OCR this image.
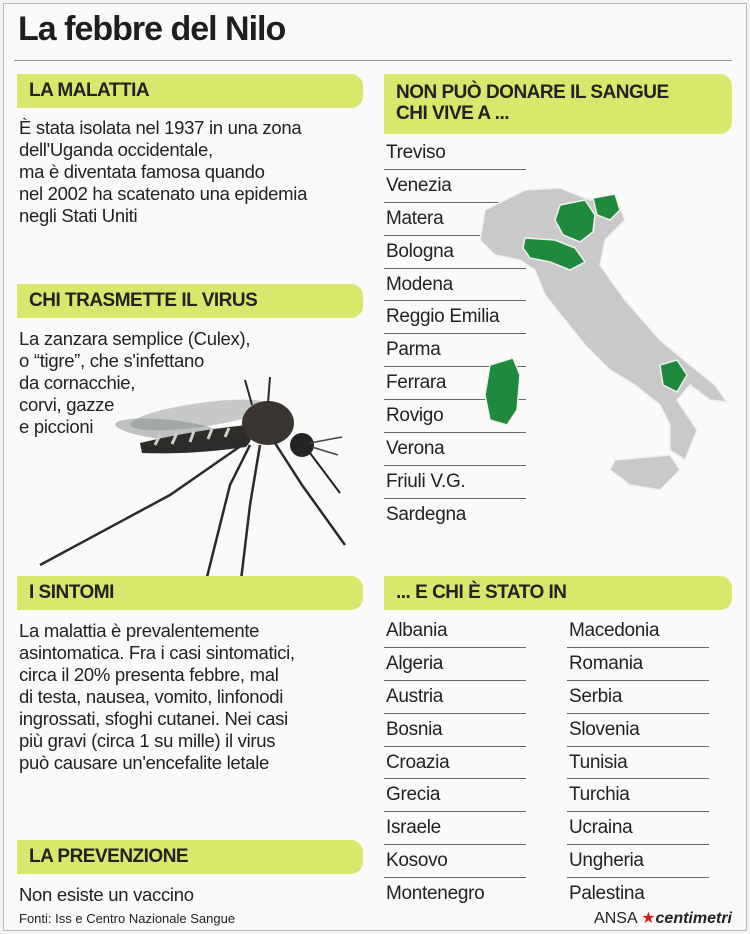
La febbre del Nilo
LA MALATTIA
È stata isolata nel 1937 in una zona
dell'Uganda occidentale,
ma è diventata famosa quando
nel 2002 ha scatenato una epidemia
negli Stati Uniti
CHI TRASMETTE IL VIRUS
La zanzara semplice (Culex),
o “tigre”, che s'infettano
da cornacchie,
corvi, gazze
e piccioni
I SINTOMI
La malattia è prevalentemente
asintomatica. Fra i casi sintomatici,
circa il 20% presenta febbre, mal
di testa, nausea, vomito, linfonodi
ingrossati, sfoghi cutanei. Nei casi
più gravi (circa 1 su mille) il virus
può causare un'encefalite letale
LA PREVENZIONE
Non esiste un vaccino
Fonti: Iss e Centro Nazionale Sangue
NON PUÒ DONARE IL SANGUE
CHI VIVE A ...
Treviso
Venezia
Matera
Bologna
Modena
Reggio Emilia
Parma
Ferrara
Rovigo
Verona
Friuli V.G.
Sardegna
... E CHI È STATO IN
Albania
Algeria
Austria
Bosnia
Croazia
Grecia
Israele
Kosovo
Montenegro
Macedonia
Romania
Serbia
Slovenia
Tunisia
Turchia
Ucraina
Ungheria
Palestina
ANSA ★centimetri
